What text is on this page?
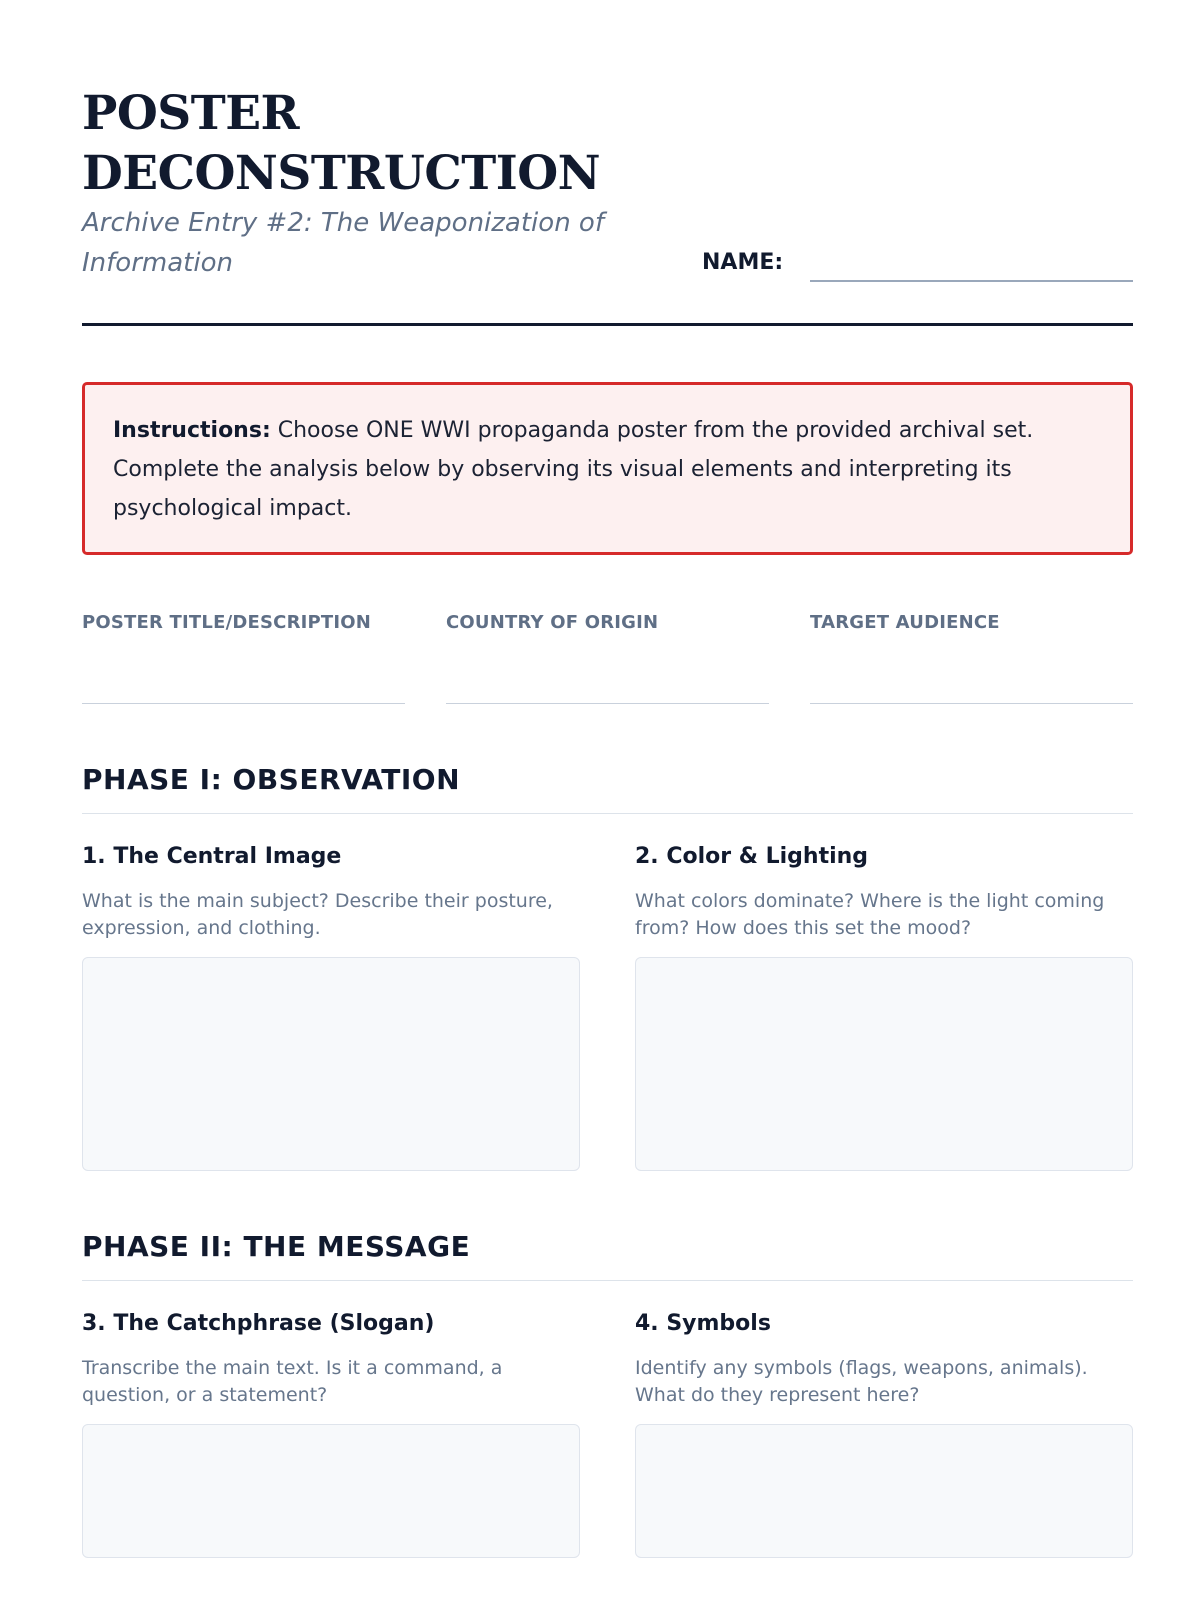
POSTER
DECONSTRUCTION

Archive Entry #2: The Weaponization of Information	NAME:
Instructions: Choose ONE WWI propaganda poster from the provided archival set. Complete the analysis below by observing its visual elements and interpreting its psychological impact.
POSTER TITLE/DESCRIPTION	COUNTRY OF ORIGIN	TARGET AUDIENCE
PHASE I: OBSERVATION
1. The Central Image

What is the main subject? Describe their posture, expression, and clothing.

2. Color & Lighting

What colors dominate? Where is the light coming from? How does this set the mood?

PHASE II: THE MESSAGE
3. The Catchphrase (Slogan)

Transcribe the main text. Is it a command, a question, or a statement?

4. Symbols

Identify any symbols (flags, weapons, animals). What do they represent here?
